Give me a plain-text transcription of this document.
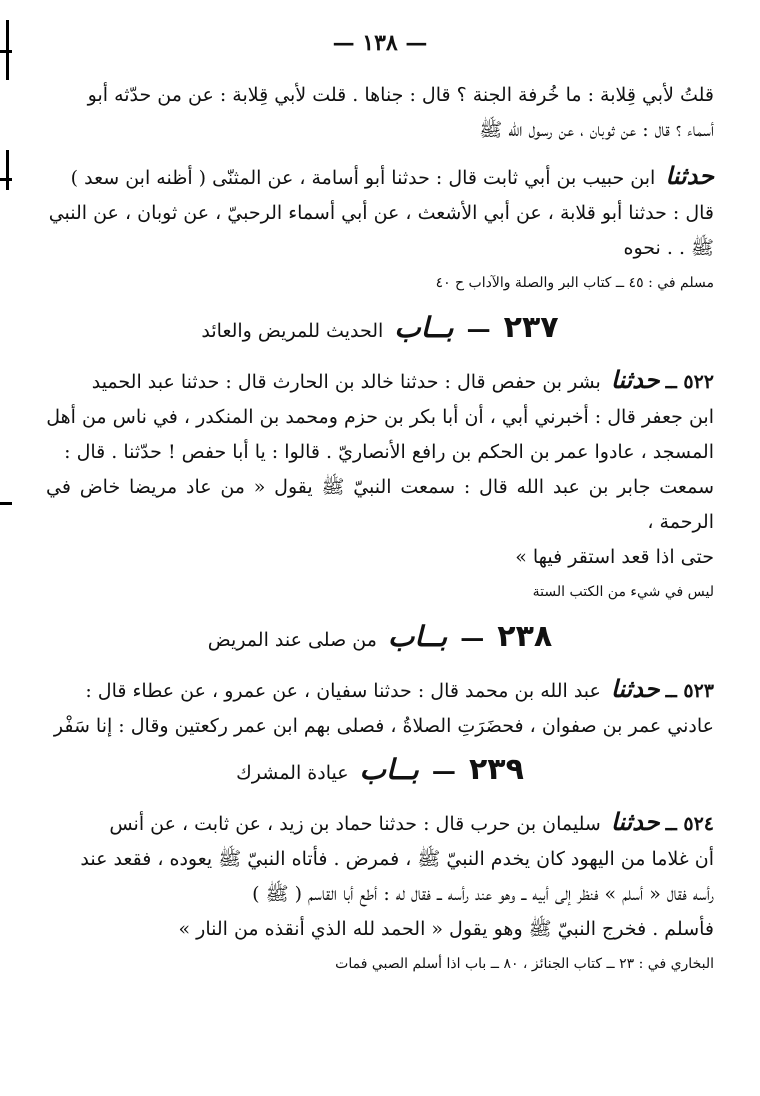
— ١٣٨ —

قلتُ لأبي قِلابة : ما خُرفة الجنة ؟ قال : جناها . قلت لأبي قِلابة : عن من حدّثه أبو

أسماء ؟ قال : عن ثوبان ، عن رسول الله ﷺ

حدثنا ابن حبيب بن أبي ثابت قال : حدثنا أبو أسامة ، عن المثنّى ( أظنه ابن سعد )

قال : حدثنا أبو قلابة ، عن أبي الأشعث ، عن أبي أسماء الرحبيّ ، عن ثوبان ، عن النبي

ﷺ . . نحوه

مسلم في : ٤٥ ــ كتاب البر والصلة والآداب ح ٤٠
٢٣٧ — بــاب الحديث للمريض والعائد

٥٢٢ ــ حدثنا بشر بن حفص قال : حدثنا خالد بن الحارث قال : حدثنا عبد الحميد

ابن جعفر قال : أخبرني أبي ، أن أبا بكر بن حزم ومحمد بن المنكدر ، في ناس من أهل

المسجد ، عادوا عمر بن الحكم بن رافع الأنصاريّ . قالوا : يا أبا حفص ! حدّثنا . قال :

سمعت جابر بن عبد الله قال : سمعت النبيّ ﷺ يقول « من عاد مريضا خاض في الرحمة ،

حتى اذا قعد استقر فيها »

ليس في شيء من الكتب الستة
٢٣٨ — بــاب من صلى عند المريض

٥٢٣ ــ حدثنا عبد الله بن محمد قال : حدثنا سفيان ، عن عمرو ، عن عطاء قال :

عادني عمر بن صفوان ، فحضَرَتِ الصلاةُ ، فصلى بهم ابن عمر ركعتين وقال : إنا سَفْر

٢٣٩ — بــاب عيادة المشرك

٥٢٤ ــ حدثنا سليمان بن حرب قال : حدثنا حماد بن زيد ، عن ثابت ، عن أنس

أن غلاما من اليهود كان يخدم النبيّ ﷺ ، فمرض . فأتاه النبيّ ﷺ يعوده ، فقعد عند

رأسه فقال « أسلم » فنظر إلى أبيه ــ وهو عند رأسه ــ فقال له : أطع أبا القاسم ( ﷺ )

فأسلم . فخرج النبيّ ﷺ وهو يقول « الحمد لله الذي أنقذه من النار »

البخاري في : ٢٣ ــ كتاب الجنائز ، ٨٠ ــ باب اذا أسلم الصبي فمات
